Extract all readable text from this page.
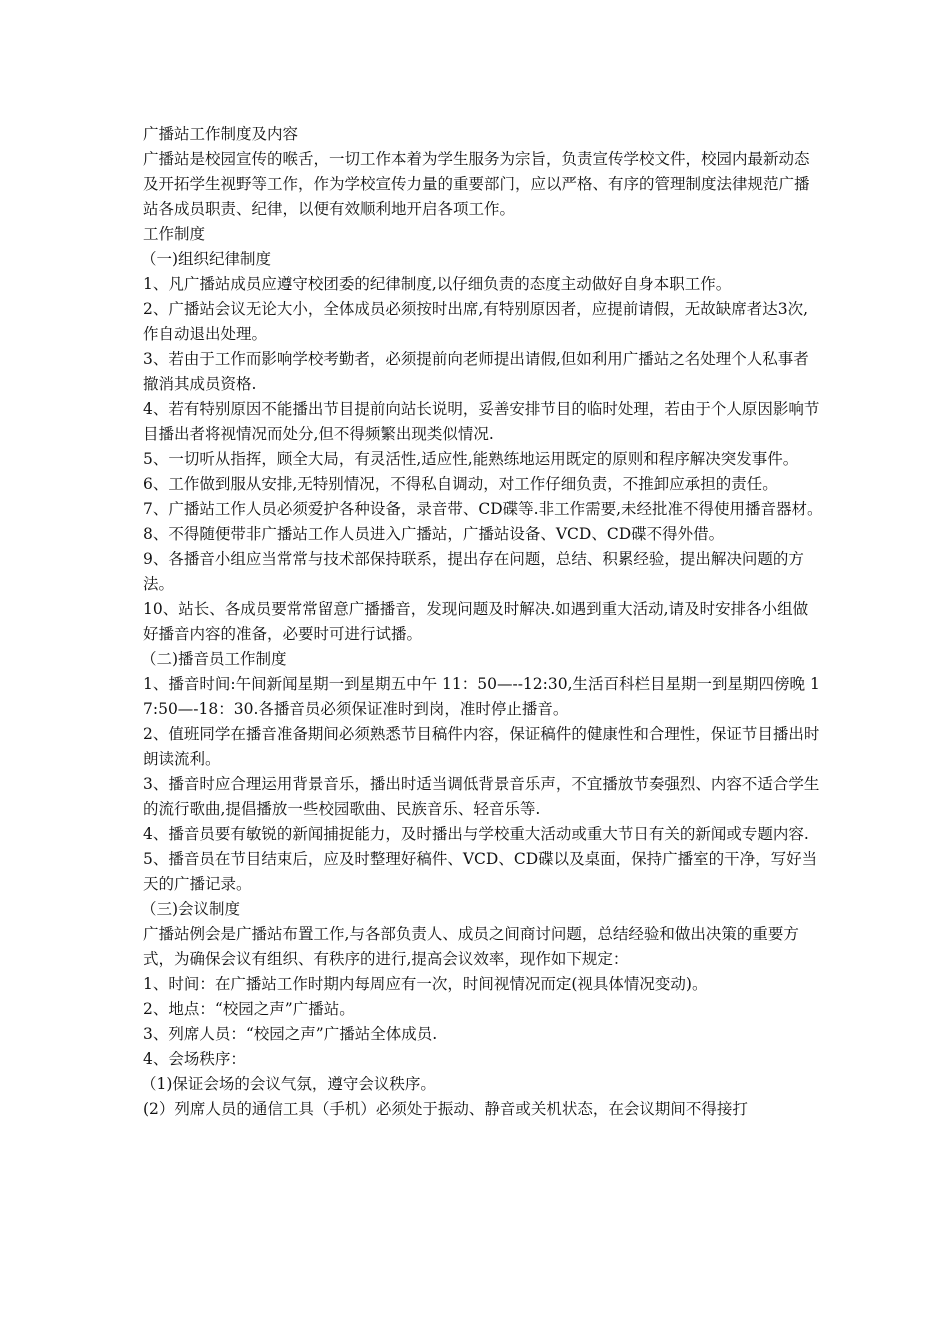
广播站工作制度及内容

广播站是校园宣传的喉舌，一切工作本着为学生服务为宗旨，负责宣传学校文件，校园内最新动态及开拓学生视野等工作，作为学校宣传力量的重要部门，应以严格、有序的管理制度法律规范广播站各成员职责、纪律，以便有效顺利地开启各项工作。

工作制度

（一)组织纪律制度

1、凡广播站成员应遵守校团委的纪律制度,以仔细负责的态度主动做好自身本职工作。

2、广播站会议无论大小，全体成员必须按时出席,有特别原因者，应提前请假，无故缺席者达3次,作自动退出处理。

3、若由于工作而影响学校考勤者，必须提前向老师提出请假,但如利用广播站之名处理个人私事者撤消其成员资格.

4、若有特别原因不能播出节目提前向站长说明，妥善安排节目的临时处理，若由于个人原因影响节目播出者将视情况而处分,但不得频繁出现类似情况.

5、一切听从指挥，顾全大局，有灵活性,适应性,能熟练地运用既定的原则和程序解决突发事件。

6、工作做到服从安排,无特别情况，不得私自调动，对工作仔细负责，不推卸应承担的责任。

7、广播站工作人员必须爱护各种设备，录音带、CD碟等.非工作需要,未经批准不得使用播音器材。

8、不得随便带非广播站工作人员进入广播站，广播站设备、VCD、CD碟不得外借。

9、各播音小组应当常常与技术部保持联系，提出存在问题，总结、积累经验，提出解决问题的方法。

10、站长、各成员要常常留意广播播音，发现问题及时解决.如遇到重大活动,请及时安排各小组做好播音内容的准备，必要时可进行试播。

（二)播音员工作制度

1、播音时间:午间新闻星期一到星期五中午 11：50—--12:30,生活百科栏目星期一到星期四傍晚 17:50—-18：30.各播音员必须保证准时到岗，准时停止播音。

2、值班同学在播音准备期间必须熟悉节目稿件内容，保证稿件的健康性和合理性，保证节目播出时朗读流利。

3、播音时应合理运用背景音乐，播出时适当调低背景音乐声，不宜播放节奏强烈、内容不适合学生的流行歌曲,提倡播放一些校园歌曲、民族音乐、轻音乐等.

4、播音员要有敏锐的新闻捕捉能力，及时播出与学校重大活动或重大节日有关的新闻或专题内容.

5、播音员在节目结束后，应及时整理好稿件、VCD、CD碟以及桌面，保持广播室的干净，写好当天的广播记录。

（三)会议制度

广播站例会是广播站布置工作,与各部负责人、成员之间商讨问题，总结经验和做出决策的重要方式，为确保会议有组织、有秩序的进行,提高会议效率，现作如下规定：

1、时间：在广播站工作时期内每周应有一次，时间视情况而定(视具体情况变动)。

2、地点：“校园之声”广播站。

3、列席人员：“校园之声”广播站全体成员.

4、会场秩序：

（1)保证会场的会议气氛，遵守会议秩序。

(2）列席人员的通信工具（手机）必须处于振动、静音或关机状态，在会议期间不得接打
